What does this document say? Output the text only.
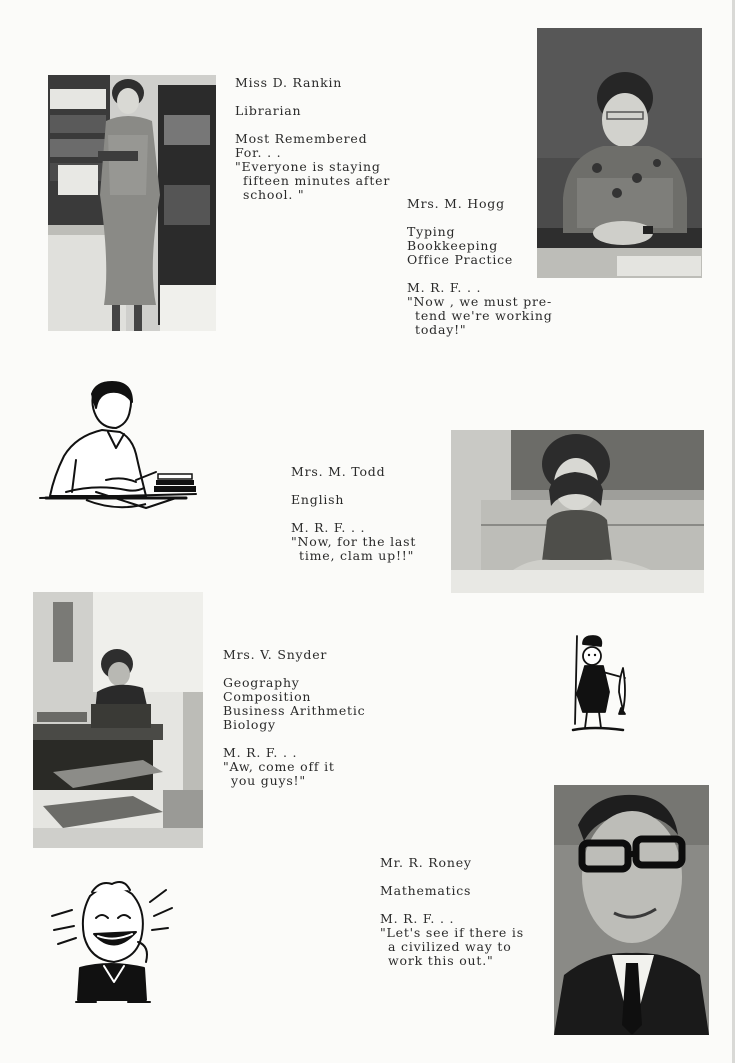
Miss D. Rankin
Librarian
Most Remembered For. . .
"Everyone is staying
fifteen minutes after
school. "
Mrs. M. Hogg
Typing
Bookkeeping
Office Practice
M. R. F. . .
"Now , we must pre-
tend we're working
today!"
Mrs. M. Todd
English
M. R. F. . .
"Now, for the last
time, clam up!!"
Mrs. V. Snyder
Geography
Composition
Business Arithmetic
Biology
M. R. F. . .
"Aw, come off it
you guys!"
Mr. R. Roney
Mathematics
M. R. F. . .
"Let's see if there is
a civilized way to
work this out."
